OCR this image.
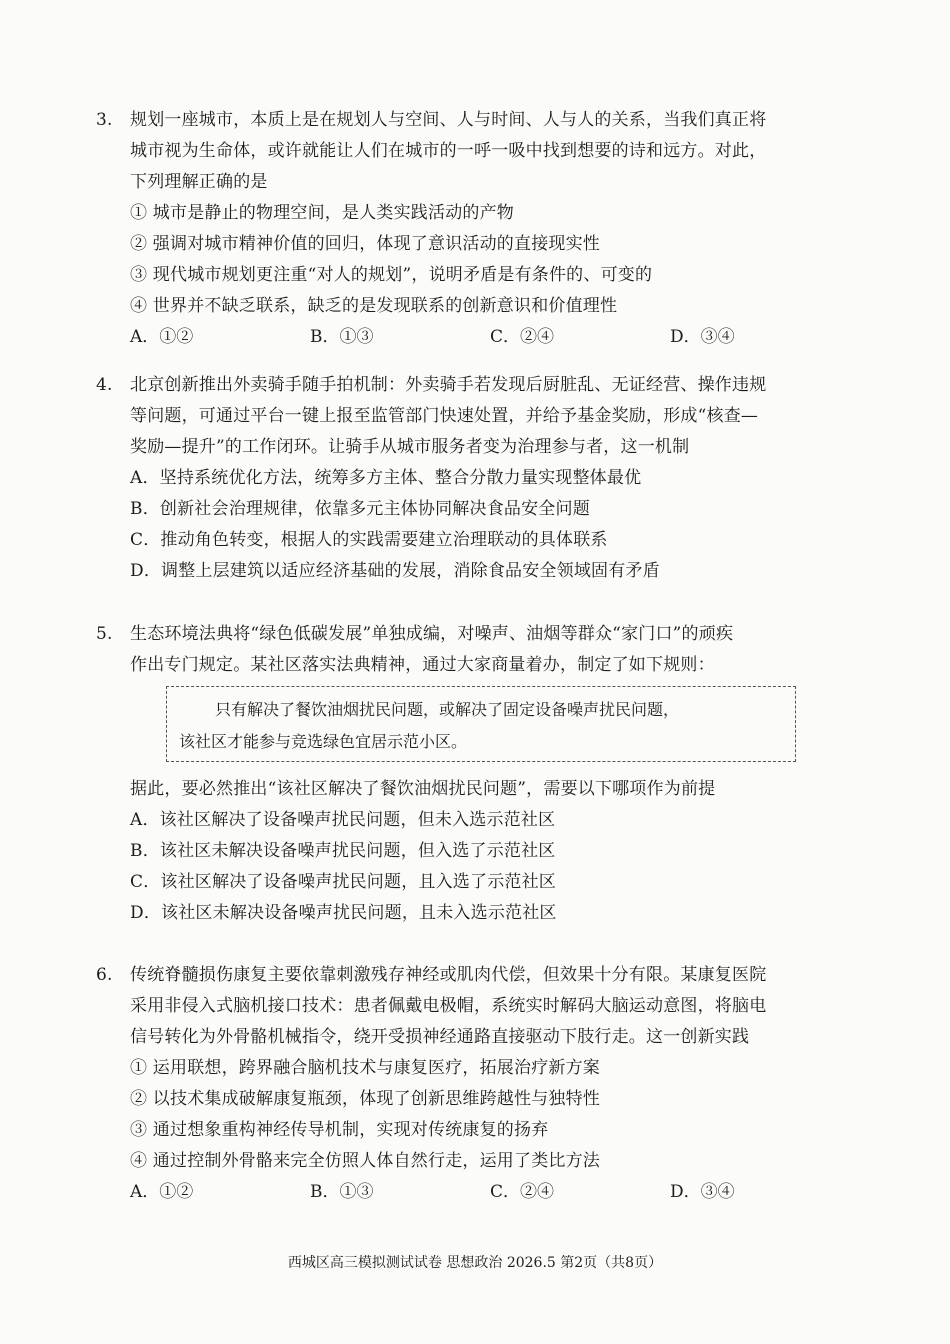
3. 规划一座城市，本质上是在规划人与空间、人与时间、人与人的关系，当我们真正将
城市视为生命体，或许就能让人们在城市的一呼一吸中找到想要的诗和远方。对此，
下列理解正确的是
① 城市是静止的物理空间，是人类实践活动的产物
② 强调对城市精神价值的回归，体现了意识活动的直接现实性
③ 现代城市规划更注重“对人的规划”，说明矛盾是有条件的、可变的
④ 世界并不缺乏联系，缺乏的是发现联系的创新意识和价值理性
A．①②	B．①③	C．②④	D．③④
4. 北京创新推出外卖骑手随手拍机制：外卖骑手若发现后厨脏乱、无证经营、操作违规
等问题，可通过平台一键上报至监管部门快速处置，并给予基金奖励，形成“核查—
奖励—提升”的工作闭环。让骑手从城市服务者变为治理参与者，这一机制
A．坚持系统优化方法，统筹多方主体、整合分散力量实现整体最优
B．创新社会治理规律，依靠多元主体协同解决食品安全问题
C．推动角色转变，根据人的实践需要建立治理联动的具体联系
D．调整上层建筑以适应经济基础的发展，消除食品安全领域固有矛盾
5. 生态环境法典将“绿色低碳发展”单独成编，对噪声、油烟等群众“家门口”的顽疾
作出专门规定。某社区落实法典精神，通过大家商量着办，制定了如下规则：
只有解决了餐饮油烟扰民问题，或解决了固定设备噪声扰民问题，
该社区才能参与竞选绿色宜居示范小区。
据此，要必然推出“该社区解决了餐饮油烟扰民问题”，需要以下哪项作为前提
A．该社区解决了设备噪声扰民问题，但未入选示范社区
B．该社区未解决设备噪声扰民问题，但入选了示范社区
C．该社区解决了设备噪声扰民问题，且入选了示范社区
D．该社区未解决设备噪声扰民问题，且未入选示范社区
6. 传统脊髓损伤康复主要依靠刺激残存神经或肌肉代偿，但效果十分有限。某康复医院
采用非侵入式脑机接口技术：患者佩戴电极帽，系统实时解码大脑运动意图，将脑电
信号转化为外骨骼机械指令，绕开受损神经通路直接驱动下肢行走。这一创新实践
① 运用联想，跨界融合脑机技术与康复医疗，拓展治疗新方案
② 以技术集成破解康复瓶颈，体现了创新思维跨越性与独特性
③ 通过想象重构神经传导机制，实现对传统康复的扬弃
④ 通过控制外骨骼来完全仿照人体自然行走，运用了类比方法
A．①②	B．①③	C．②④	D．③④
西城区高三模拟测试试卷 思想政治 2026.5 第2页（共8页）
